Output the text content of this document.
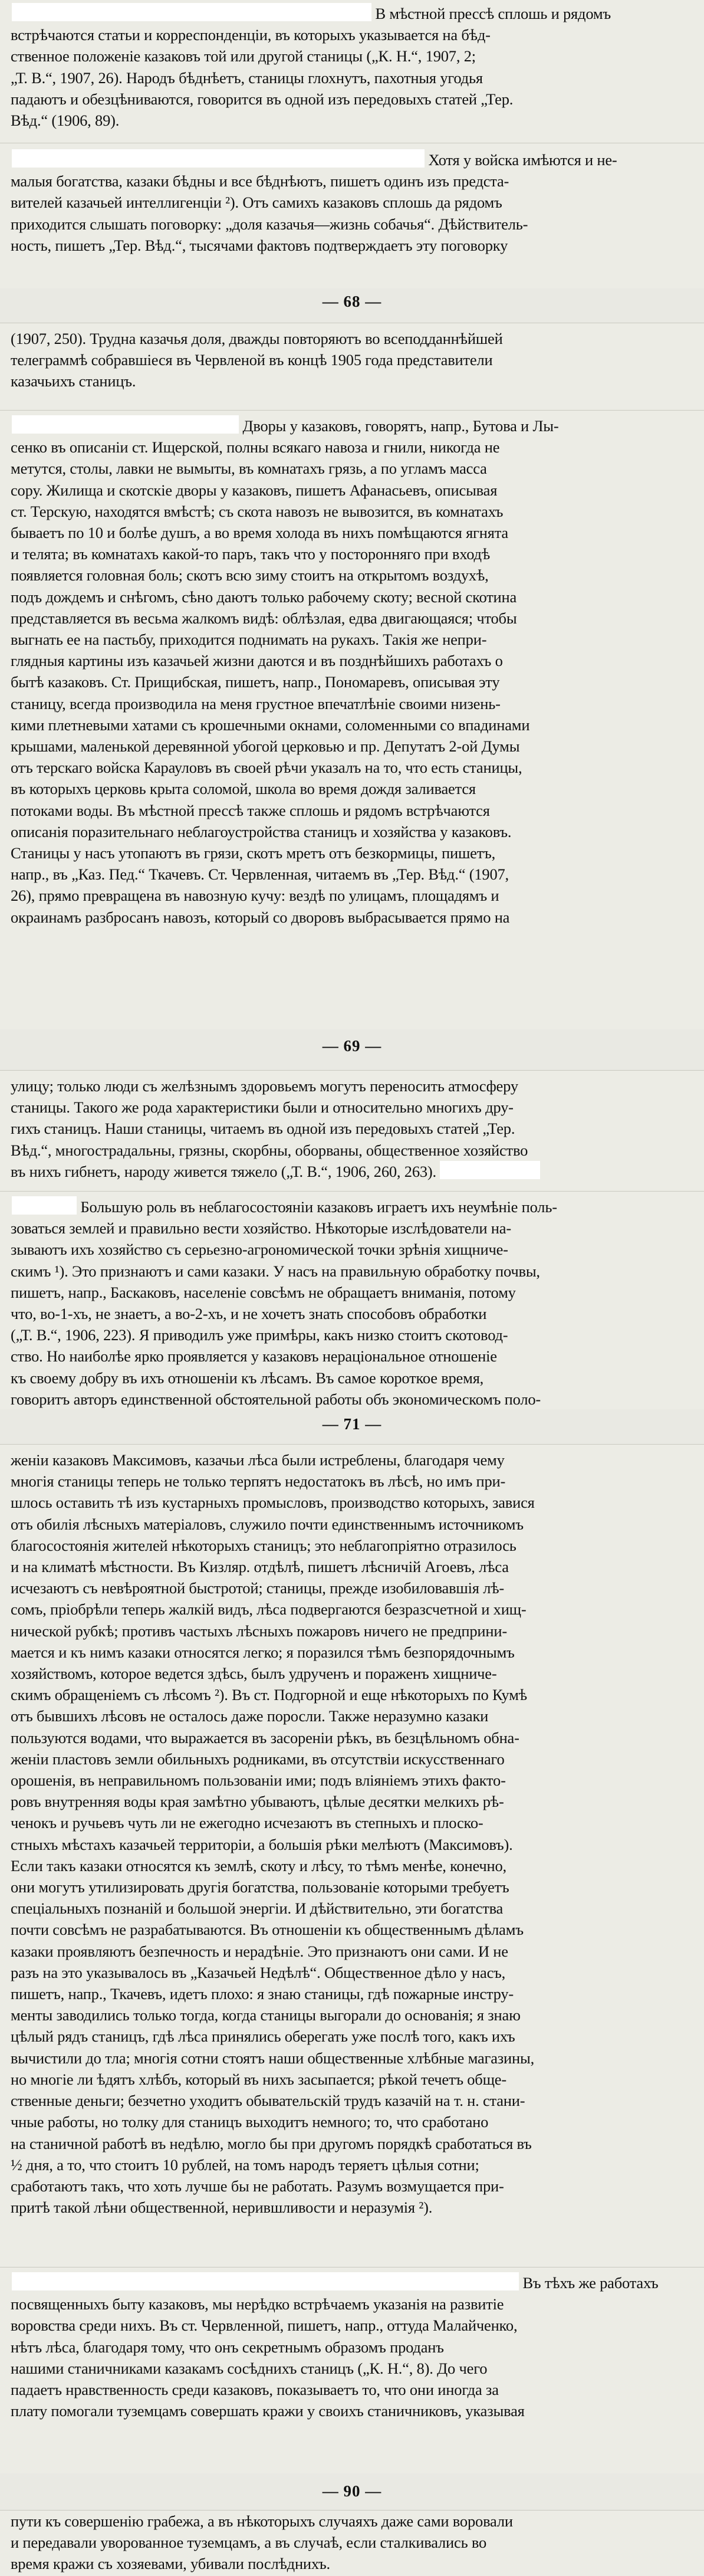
В мѣстной прессѣ сплошь и рядомъ
встрѣчаются статьи и корреспонденціи, въ которыхъ указывается на бѣд-
ственное положеніе казаковъ той или другой станицы („К. Н.“, 1907, 2;
„Т. В.“, 1907, 26). Народъ бѣднѣетъ, станицы глохнутъ, пахотныя угодья
падаютъ и обезцѣниваются, говорится въ одной изъ передовыхъ статей „Тер.
Вѣд.“ (1906, 89).
Хотя у войска имѣются и не-
малыя богатства, казаки бѣдны и все бѣднѣютъ, пишетъ одинъ изъ предста-
вителей казачьей интеллигенціи ²). Отъ самихъ казаковъ сплошь да рядомъ
приходится слышать поговорку: „доля казачья—жизнь собачья“. Дѣйствитель-
ность, пишетъ „Тер. Вѣд.“, тысячами фактовъ подтверждаетъ эту поговорку
— 68 —
(1907, 250). Трудна казачья доля, дважды повторяютъ во всеподданнѣйшей
телеграммѣ собравшіеся въ Червленой въ концѣ 1905 года представители
казачьихъ станицъ.
Дворы у казаковъ, говорятъ, напр., Бутова и Лы-
сенко въ описаніи ст. Ищерской, полны всякаго навоза и гнили, никогда не
метутся, столы, лавки не вымыты, въ комнатахъ грязь, а по угламъ масса
сору. Жилища и скотскіе дворы у казаковъ, пишетъ Афанасьевъ, описывая
ст. Терскую, находятся вмѣстѣ; съ скота навозъ не вывозится, въ комнатахъ
бываетъ по 10 и болѣе душъ, а во время холода въ нихъ помѣщаются ягнята
и телята; въ комнатахъ какой-то паръ, такъ что у посторонняго при входѣ
появляется головная боль; скотъ всю зиму стоитъ на открытомъ воздухѣ,
подъ дождемъ и снѣгомъ, сѣно даютъ только рабочему скоту; весной скотина
представляется въ весьма жалкомъ видѣ: облѣзлая, едва двигающаяся; чтобы
выгнать ее на пастьбу, приходится поднимать на рукахъ. Такія же непри-
глядныя картины изъ казачьей жизни даются и въ позднѣйшихъ работахъ о
бытѣ казаковъ. Ст. Прищибская, пишетъ, напр., Пономаревъ, описывая эту
станицу, всегда производила на меня грустное впечатлѣніе своими низень-
кими плетневыми хатами съ крошечными окнами, соломенными со впадинами
крышами, маленькой деревянной убогой церковью и пр. Депутатъ 2-ой Думы
отъ терскаго войска Карауловъ въ своей рѣчи указалъ на то, что есть станицы,
въ которыхъ церковь крыта соломой, школа во время дождя заливается
потоками воды. Въ мѣстной прессѣ также сплошь и рядомъ встрѣчаются
описанія поразительнаго неблагоустройства станицъ и хозяйства у казаковъ.
Станицы у насъ утопаютъ въ грязи, скотъ мретъ отъ безкормицы, пишетъ,
напр., въ „Каз. Пед.“ Ткачевъ. Ст. Червленная, читаемъ въ „Тер. Вѣд.“ (1907,
26), прямо превращена въ навозную кучу: вездѣ по улицамъ, площадямъ и
окраинамъ разбросанъ навозъ, который со дворовъ выбрасывается прямо на
— 69 —
улицу; только люди съ желѣзнымъ здоровьемъ могутъ переносить атмосферу
станицы. Такого же рода характеристики были и относительно многихъ дру-
гихъ станицъ. Наши станицы, читаемъ въ одной изъ передовыхъ статей „Тер.
Вѣд.“, многострадальны, грязны, скорбны, оборваны, общественное хозяйство
въ нихъ гибнетъ, народу живется тяжело („Т. В.“, 1906, 260, 263).
Большую роль въ неблагосостояніи казаковъ играетъ ихъ неумѣніе поль-
зоваться землей и правильно вести хозяйство. Нѣкоторые изслѣдователи на-
зываютъ ихъ хозяйство съ серьезно-агрономической точки зрѣнія хищниче-
скимъ ¹). Это признаютъ и сами казаки. У насъ на правильную обработку почвы,
пишетъ, напр., Баскаковъ, населеніе совсѣмъ не обращаетъ вниманія, потому
что, во-1-хъ, не знаетъ, а во-2-хъ, и не хочетъ знать способовъ обработки
(„Т. В.“, 1906, 223). Я приводилъ уже примѣры, какъ низко стоитъ скотовод-
ство. Но наиболѣе ярко проявляется у казаковъ нераціональное отношеніе
къ своему добру въ ихъ отношеніи къ лѣсамъ. Въ самое короткое время,
говоритъ авторъ единственной обстоятельной работы объ экономическомъ поло-
— 71 —
женіи казаковъ Максимовъ, казачьи лѣса были истреблены, благодаря чему
многія станицы теперь не только терпятъ недостатокъ въ лѣсѣ, но имъ при-
шлось оставить тѣ изъ кустарныхъ промысловъ, производство которыхъ, завися
отъ обилія лѣсныхъ матеріаловъ, служило почти единственнымъ источникомъ
благосостоянія жителей нѣкоторыхъ станицъ; это неблагопріятно отразилось
и на климатѣ мѣстности. Въ Кизляр. отдѣлѣ, пишетъ лѣсничій Агоевъ, лѣса
исчезаютъ съ невѣроятной быстротой; станицы, прежде изобиловавшія лѣ-
сомъ, пріобрѣли теперь жалкій видъ, лѣса подвергаются безразсчетной и хищ-
нической рубкѣ; противъ частыхъ лѣсныхъ пожаровъ ничего не предприни-
мается и къ нимъ казаки относятся легко; я поразился тѣмъ безпорядочнымъ
хозяйствомъ, которое ведется здѣсь, былъ удрученъ и пораженъ хищниче-
скимъ обращеніемъ съ лѣсомъ ²). Въ ст. Подгорной и еще нѣкоторыхъ по Кумѣ
отъ бывшихъ лѣсовъ не осталось даже поросли. Также неразумно казаки
пользуются водами, что выражается въ засореніи рѣкъ, въ безцѣльномъ обна-
женіи пластовъ земли обильныхъ родниками, въ отсутствіи искусственнаго
орошенія, въ неправильномъ пользованіи ими; подъ вліяніемъ этихъ факто-
ровъ внутренняя воды края замѣтно убываютъ, цѣлые десятки мелкихъ рѣ-
ченокъ и ручьевъ чуть ли не ежегодно исчезаютъ въ степныхъ и плоско-
стныхъ мѣстахъ казачьей территоріи, а большія рѣки мелѣютъ (Максимовъ).
Если такъ казаки относятся къ землѣ, скоту и лѣсу, то тѣмъ менѣе, конечно,
они могутъ утилизировать другія богатства, пользованіе которыми требуетъ
спеціальныхъ познаній и большой энергіи. И дѣйствительно, эти богатства
почти совсѣмъ не разрабатываются. Въ отношеніи къ общественнымъ дѣламъ
казаки проявляютъ безпечность и нерадѣніе. Это признаютъ они сами. И не
разъ на это указывалось въ „Казачьей Недѣлѣ“. Общественное дѣло у насъ,
пишетъ, напр., Ткачевъ, идетъ плохо: я знаю станицы, гдѣ пожарные инстру-
менты заводились только тогда, когда станицы выгорали до основанія; я знаю
цѣлый рядъ станицъ, гдѣ лѣса принялись оберегать уже послѣ того, какъ ихъ
вычистили до тла; многія сотни стоятъ наши общественные хлѣбные магазины,
но многіе ли ѣдятъ хлѣбъ, который въ нихъ засыпается; рѣкой течетъ обще-
ственные деньги; безчетно уходитъ обывательскій трудъ казачій на т. н. стани-
чные работы, но толку для станицъ выходитъ немного; то, что сработано
на станичной работѣ въ недѣлю, могло бы при другомъ порядкѣ сработаться въ
½ дня, а то, что стоитъ 10 рублей, на томъ народъ теряетъ цѣлыя сотни;
сработаютъ такъ, что хоть лучше бы не работать. Разумъ возмущается при-
притѣ такой лѣни общественной, нерившливости и неразумія ²).
Въ тѣхъ же работахъ
посвященныхъ быту казаковъ, мы нерѣдко встрѣчаемъ указанія на развитіе
воровства среди нихъ. Въ ст. Червленной, пишетъ, напр., оттуда Малайченко,
нѣтъ лѣса, благодаря тому, что онъ секретнымъ образомъ проданъ
нашими станичниками казакамъ сосѣднихъ станицъ („К. Н.“, 8). До чего
падаетъ нравственность среди казаковъ, показываетъ то, что они иногда за
плату помогали туземцамъ совершать кражи у своихъ станичниковъ, указывая
— 90 —
пути къ совершенію грабежа, а въ нѣкоторыхъ случаяхъ даже сами воровали
и передавали уворованное туземцамъ, а въ случаѣ, если сталкивались во
время кражи съ хозяевами, убивали послѣднихъ.
